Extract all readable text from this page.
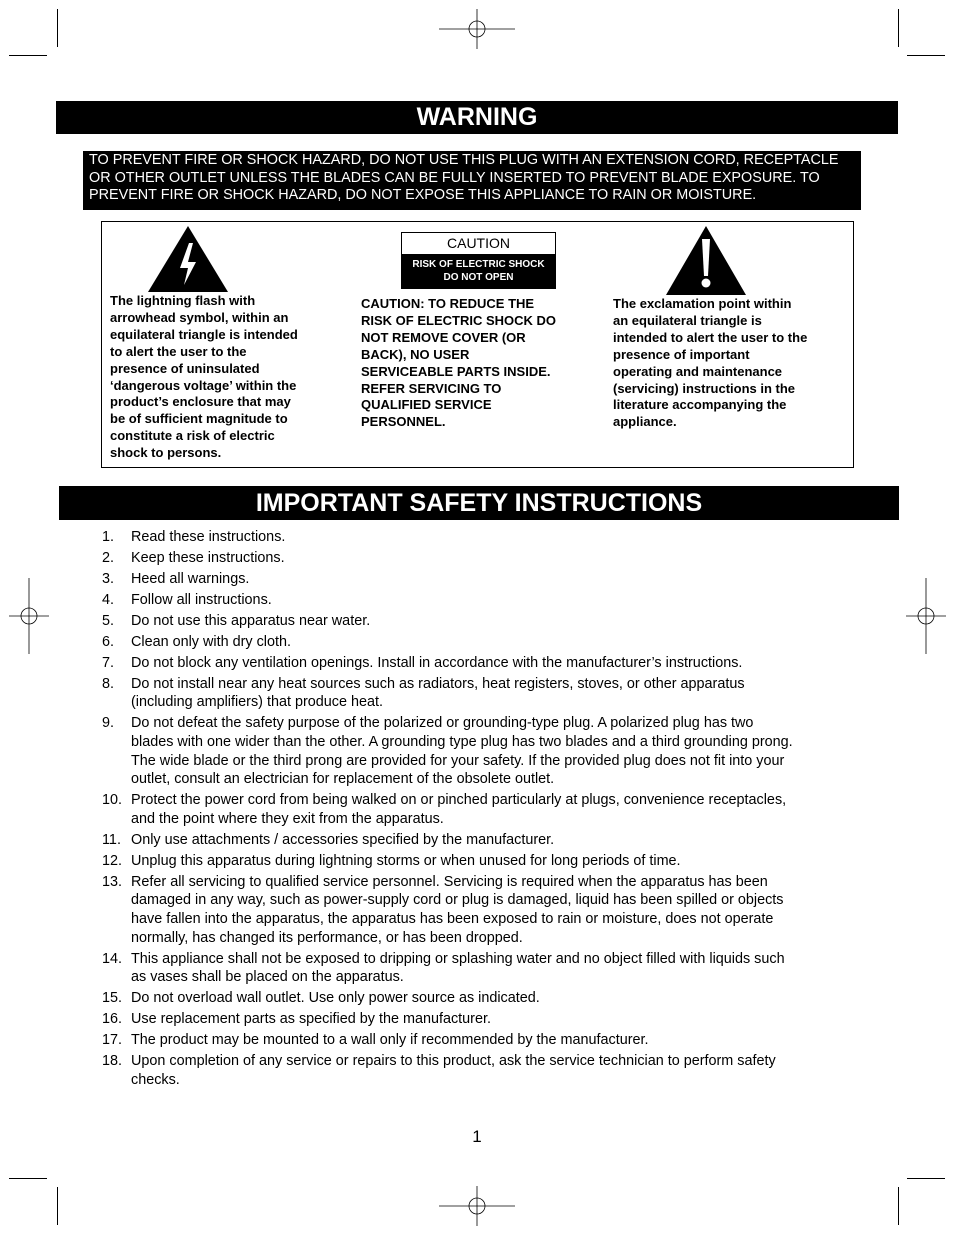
WARNING
TO PREVENT FIRE OR SHOCK HAZARD, DO NOT USE THIS PLUG WITH AN EXTENSION CORD, RECEPTACLE
OR OTHER OUTLET UNLESS THE BLADES CAN BE FULLY INSERTED TO PREVENT BLADE EXPOSURE. TO
PREVENT FIRE OR SHOCK HAZARD, DO NOT EXPOSE THIS APPLIANCE TO RAIN OR MOISTURE.
The lightning flash with
arrowhead symbol, within an
equilateral triangle is intended
to alert the user to the
presence of uninsulated
‘dangerous voltage’ within the
product’s enclosure that may
be of sufficient magnitude to
constitute a risk of electric
shock to persons.
CAUTION
RISK OF ELECTRIC SHOCK
DO NOT OPEN
CAUTION: TO REDUCE THE
RISK OF ELECTRIC SHOCK DO
NOT REMOVE COVER (OR
BACK), NO USER
SERVICEABLE PARTS INSIDE.
REFER SERVICING TO
QUALIFIED SERVICE
PERSONNEL.
The exclamation point within
an equilateral triangle is
intended to alert the user to the
presence of important
operating and maintenance
(servicing) instructions in the
literature accompanying the
appliance.
IMPORTANT SAFETY INSTRUCTIONS
1. Read these instructions.
2. Keep these instructions.
3. Heed all warnings.
4. Follow all instructions.
5. Do not use this apparatus near water.
6. Clean only with dry cloth.
7. Do not block any ventilation openings. Install in accordance with the manufacturer’s instructions.
8. Do not install near any heat sources such as radiators, heat registers, stoves, or other apparatus
(including amplifiers) that produce heat.
9. Do not defeat the safety purpose of the polarized or grounding-type plug. A polarized plug has two
blades with one wider than the other. A grounding type plug has two blades and a third grounding prong.
The wide blade or the third prong are provided for your safety. If the provided plug does not fit into your
outlet, consult an electrician for replacement of the obsolete outlet.
10. Protect the power cord from being walked on or pinched particularly at plugs, convenience receptacles,
and the point where they exit from the apparatus.
11. Only use attachments / accessories specified by the manufacturer.
12. Unplug this apparatus during lightning storms or when unused for long periods of time.
13. Refer all servicing to qualified service personnel. Servicing is required when the apparatus has been
damaged in any way, such as power-supply cord or plug is damaged, liquid has been spilled or objects
have fallen into the apparatus, the apparatus has been exposed to rain or moisture, does not operate
normally, has changed its performance, or has been dropped.
14. This appliance shall not be exposed to dripping or splashing water and no object filled with liquids such
as vases shall be placed on the apparatus.
15. Do not overload wall outlet. Use only power source as indicated.
16. Use replacement parts as specified by the manufacturer.
17. The product may be mounted to a wall only if recommended by the manufacturer.
18. Upon completion of any service or repairs to this product, ask the service technician to perform safety
checks.
1
